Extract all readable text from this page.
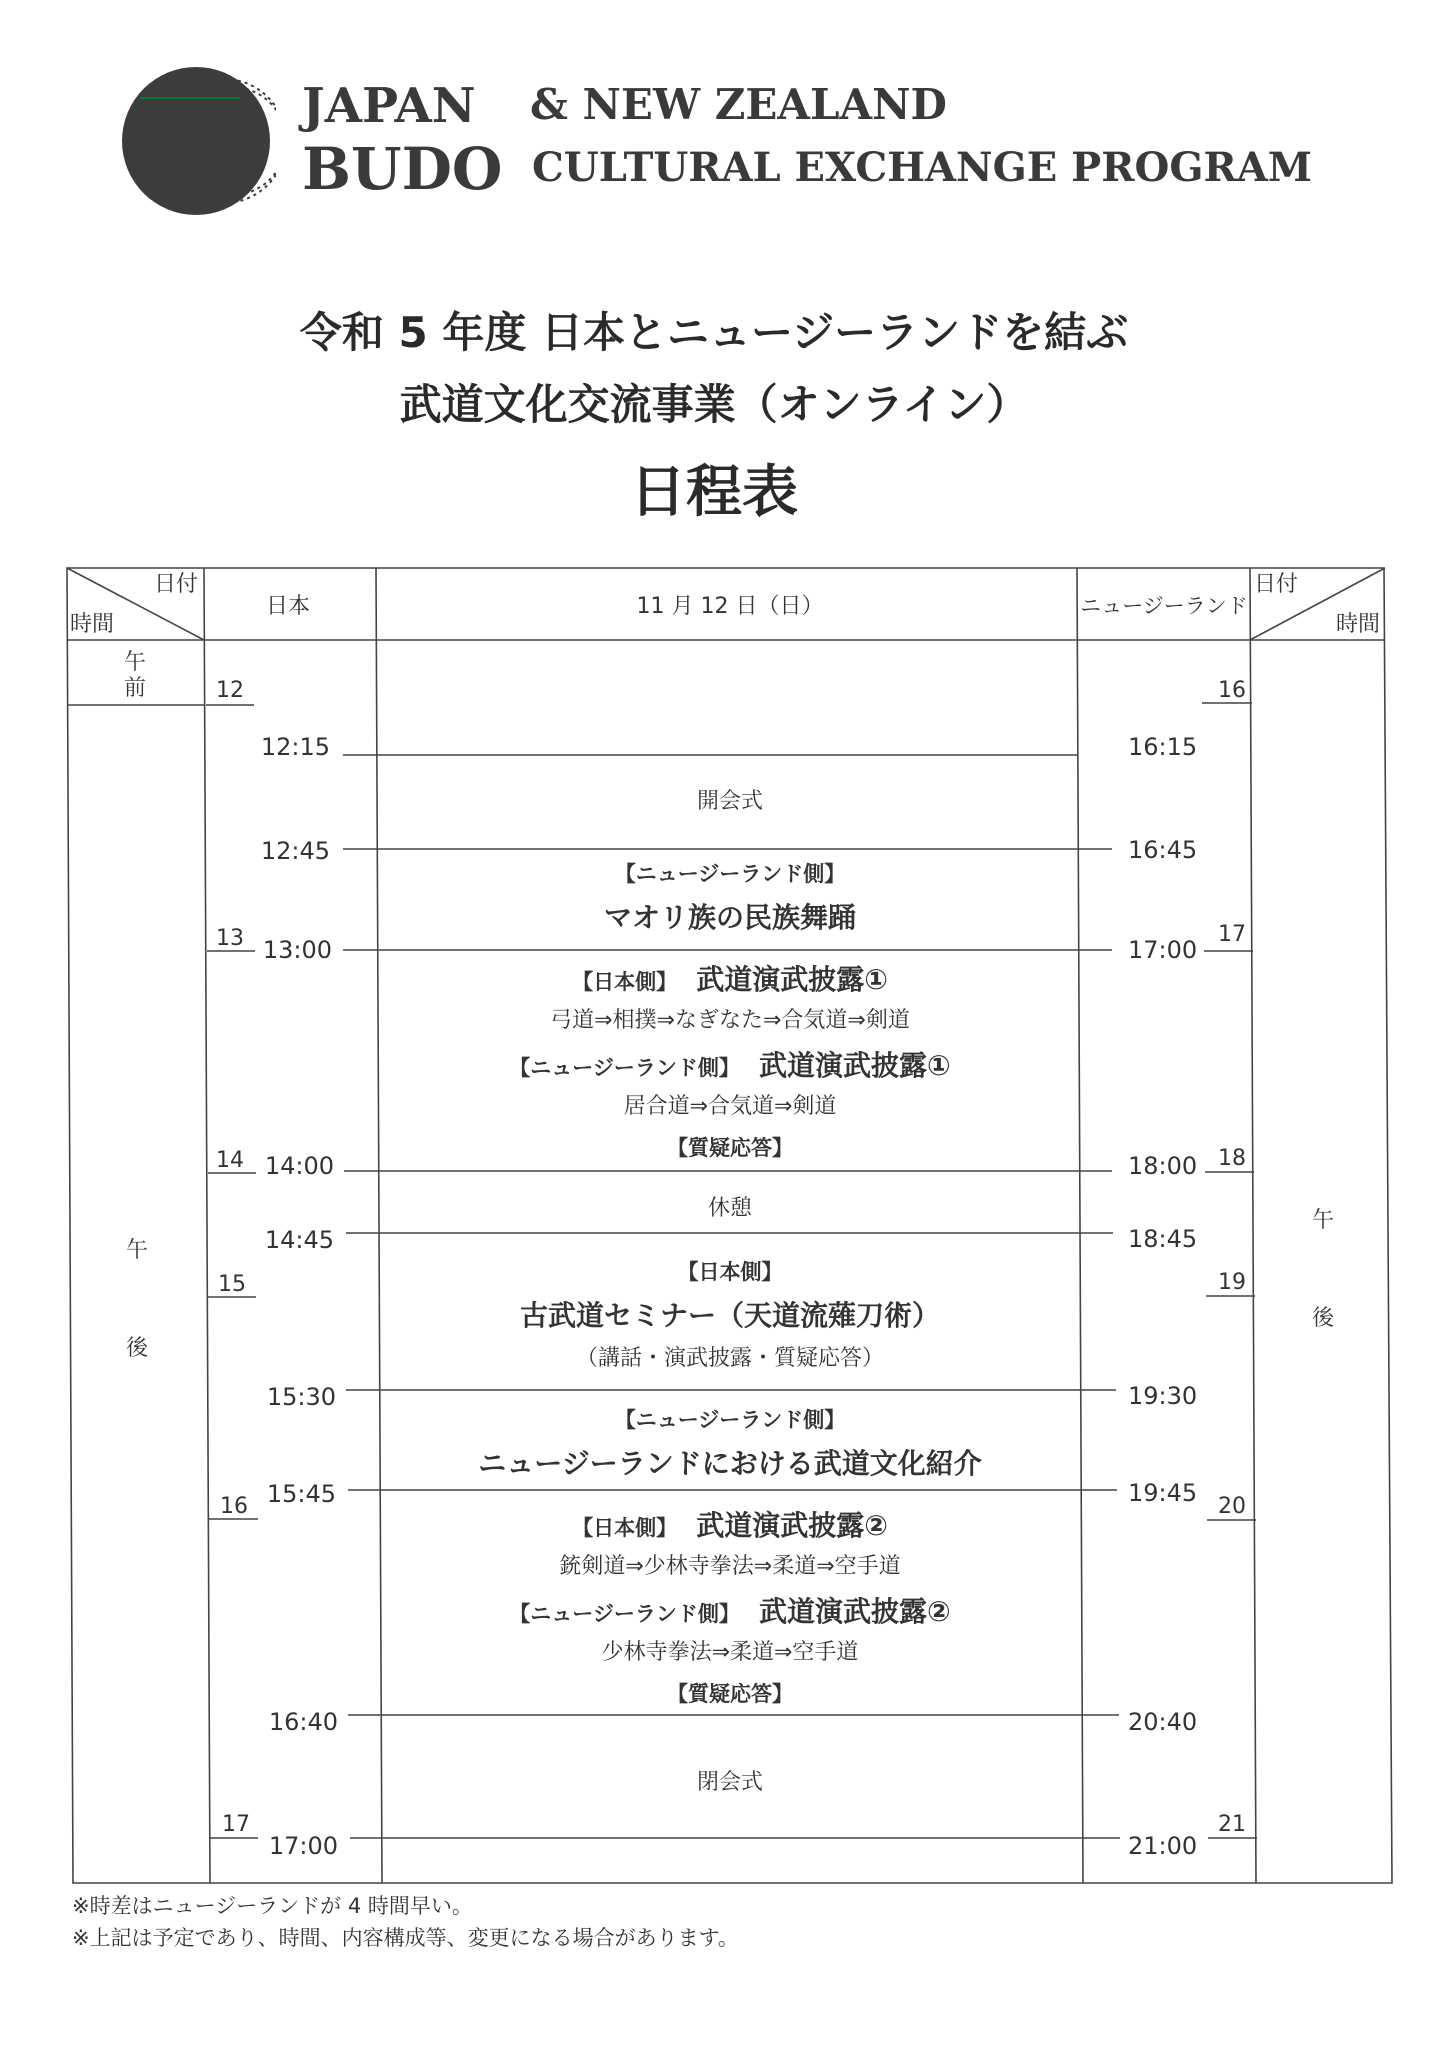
JAPAN & NEW ZEALAND
BUDO CULTURAL EXCHANGE PROGRAM
令和 5 年度 日本とニュージーランドを結ぶ
武道文化交流事業（オンライン）
日程表
日付
時間
日本	11 月 12 日（日）	ニュージーランド
日付
時間
午
前
午
後
午
後
12
13
14
15
16
17
16
17
18
19
20
21
12:15
12:45
13:00
14:00
14:45
15:30
15:45
16:40
17:00
16:15
16:45
17:00
18:00
18:45
19:30
19:45
20:40
21:00
開会式
【ニュージーランド側】
マオリ族の民族舞踊
【日本側】 武道演武披露①
弓道⇒相撲⇒なぎなた⇒合気道⇒剣道
【ニュージーランド側】 武道演武披露①
居合道⇒合気道⇒剣道
【質疑応答】
休憩
【日本側】
古武道セミナー（天道流薙刀術）
（講話・演武披露・質疑応答）
【ニュージーランド側】
ニュージーランドにおける武道文化紹介
【日本側】 武道演武披露②
銃剣道⇒少林寺拳法⇒柔道⇒空手道
【ニュージーランド側】 武道演武披露②
少林寺拳法⇒柔道⇒空手道
【質疑応答】
閉会式
※時差はニュージーランドが 4 時間早い。
※上記は予定であり、時間、内容構成等、変更になる場合があります。
